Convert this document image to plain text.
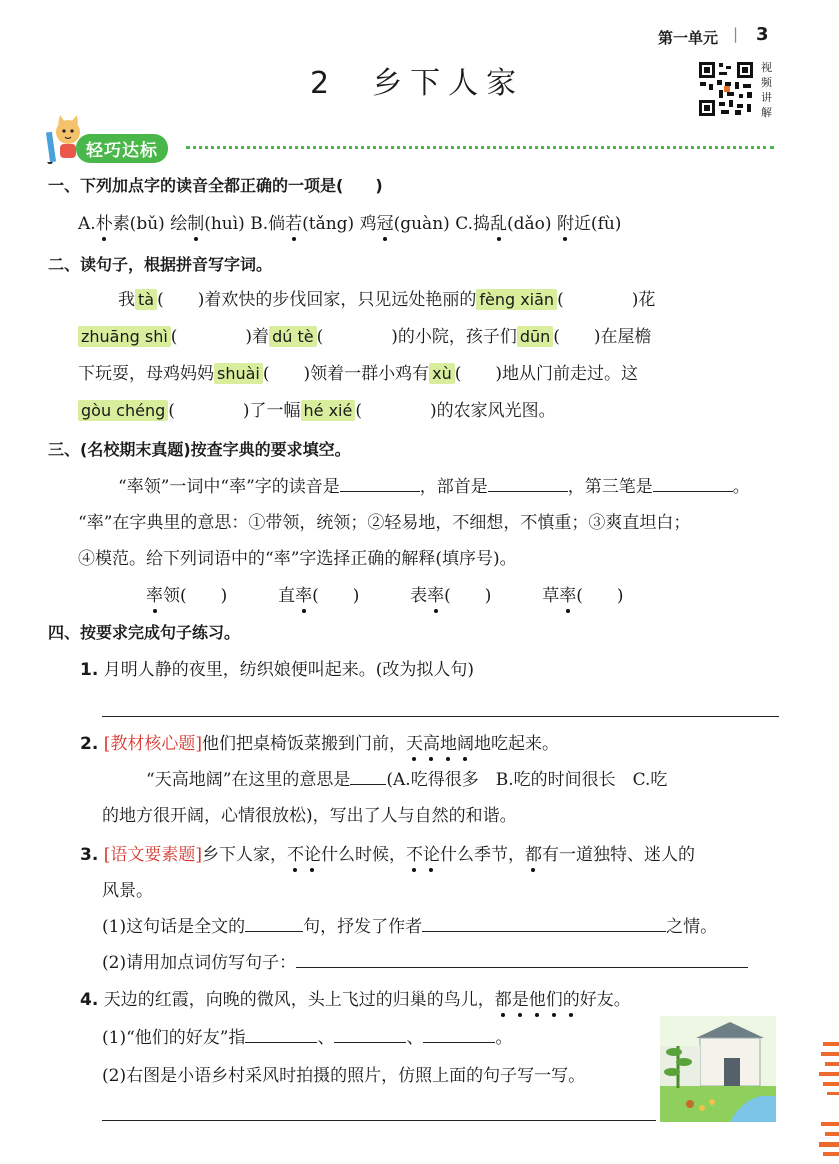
第一单元 | 3
2  乡下人家	视
频
讲
解
轻巧达标
一、下列加点字的读音全都正确的一项是(　　)
A.朴素(bǔ) 绘制(huì) B.倘若(tǎng) 鸡冠(guàn) C.捣乱(dǎo) 附近(fù)
二、读句子，根据拼音写字词。
我 tà (　　)着欢快的步伐回家，只见远处艳丽的 fèng xiān (　　　　)花
zhuāng shì (　　　　)着 dú tè (　　　　)的小院，孩子们 dūn (　　)在屋檐
下玩耍，母鸡妈妈 shuài (　　)领着一群小鸡有 xù (　　)地从门前走过。这
gòu chéng (　　　　)了一幅 hé xié (　　　　)的农家风光图。
三、(名校期末真题)按查字典的要求填空。
“率领”一词中“率”字的读音是	，部首是	，第三笔是	。
“率”在字典里的意思：①带领，统领；②轻易地，不细想，不慎重；③爽直坦白；
④模范。给下列词语中的“率”字选择正确的解释(填序号)。
率领(　　)	直率(　　)	表率(　　)	草率(　　)
四、按要求完成句子练习。
1. 月明人静的夜里，纺织娘便叫起来。(改为拟人句)
2. [教材核心题]他们把桌椅饭菜搬到门前，天高地阔地吃起来。
“天高地阔”在这里的意思是 (A.吃得很多　B.吃的时间很长　C.吃
的地方很开阔，心情很放松)，写出了人与自然的和谐。
3. [语文要素题]乡下人家，不论什么时候，不论什么季节，都有一道独特、迷人的
风景。
(1)这句话是全文的	句，抒发了作者	之情。
(2)请用加点词仿写句子：
4. 天边的红霞，向晚的微风，头上飞过的归巢的鸟儿，都是他们的好友。
(1)“他们的好友”指	、	、	。
(2)右图是小语乡村采风时拍摄的照片，仿照上面的句子写一写。
